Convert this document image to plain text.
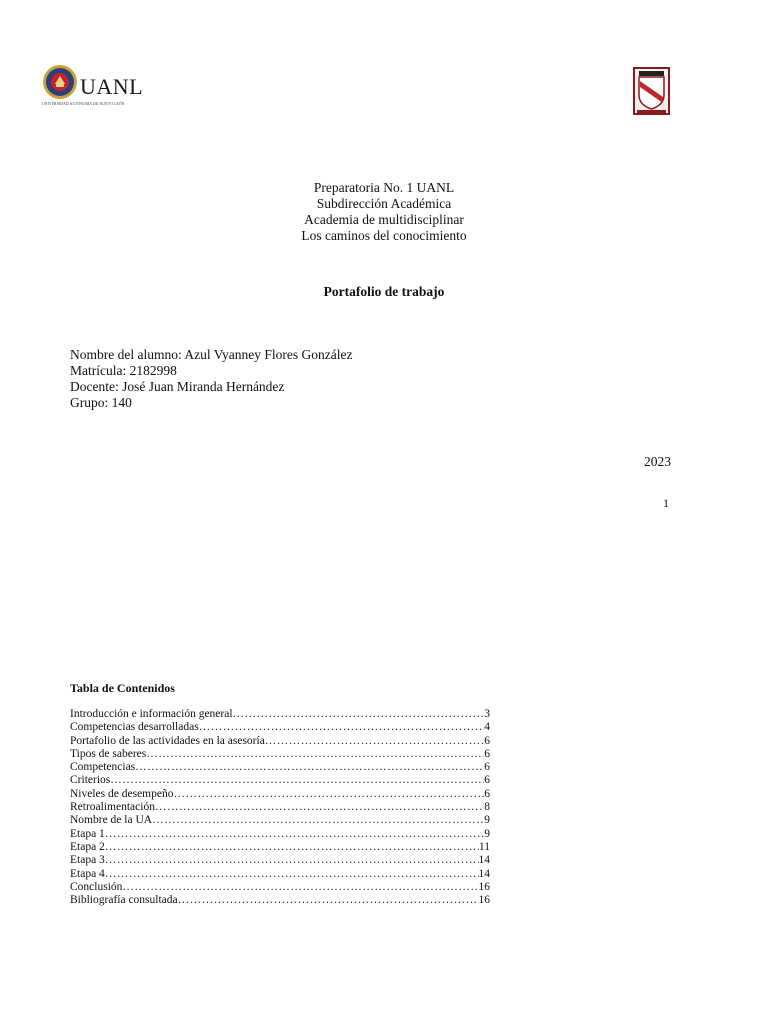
UANL
UNIVERSIDAD AUTÓNOMA DE NUEVO LEÓN
Preparatoria No. 1 UANL
Subdirección Académica
Academia de multidisciplinar
Los caminos del conocimiento
Portafolio de trabajo
Nombre del alumno: Azul Vyanney Flores González
Matrícula: 2182998
Docente: José Juan Miranda Hernández
Grupo: 140
2023
1
Tabla de Contenidos
Introducción e información general ……………………………………………………………………………………………………………………………………………	3
Competencias desarrolladas ……………………………………………………………………………………………………………………………………………	4
Portafolio de las actividades en la asesoría ……………………………………………………………………………………………………………………………………………	6
Tipos de saberes ……………………………………………………………………………………………………………………………………………	6
Competencias ……………………………………………………………………………………………………………………………………………	6
Criterios ……………………………………………………………………………………………………………………………………………	6
Niveles de desempeño ……………………………………………………………………………………………………………………………………………	6
Retroalimentación ……………………………………………………………………………………………………………………………………………	8
Nombre de la UA ……………………………………………………………………………………………………………………………………………	9
Etapa 1 ……………………………………………………………………………………………………………………………………………	9
Etapa 2 ……………………………………………………………………………………………………………………………………………	11
Etapa 3 ……………………………………………………………………………………………………………………………………………	14
Etapa 4 ……………………………………………………………………………………………………………………………………………	14
Conclusión ……………………………………………………………………………………………………………………………………………	16
Bibliografía consultada ……………………………………………………………………………………………………………………………………………	16
